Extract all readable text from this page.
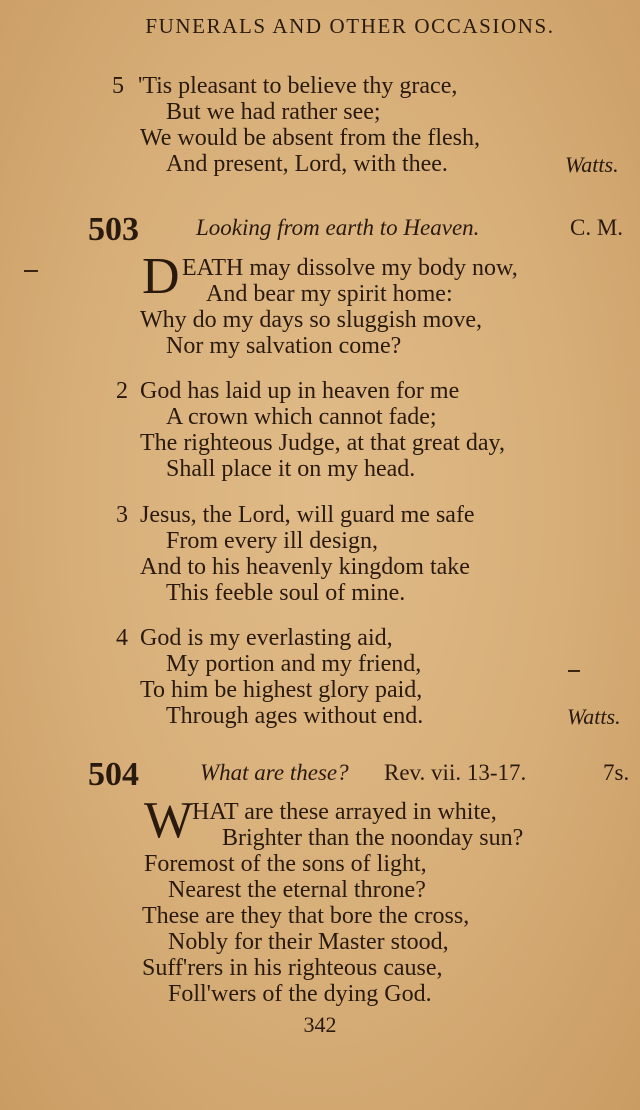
FUNERALS AND OTHER OCCASIONS.
5 'Tis pleasant to believe thy grace,
But we had rather see;
We would be absent from the flesh,
And present, Lord, with thee.	Watts.
503 Looking from earth to Heaven.	C. M.
D EATH may dissolve my body now,
And bear my spirit home:
Why do my days so sluggish move,
Nor my salvation come?
2 God has laid up in heaven for me
A crown which cannot fade;
The righteous Judge, at that great day,
Shall place it on my head.
3 Jesus, the Lord, will guard me safe
From every ill design,
And to his heavenly kingdom take
This feeble soul of mine.
4 God is my everlasting aid,
My portion and my friend,
To him be highest glory paid,
Through ages without end.	Watts.
504	What are these? Rev. vii. 13-17.	7s.
W
HAT are these arrayed in white,
Brighter than the noonday sun?
Foremost of the sons of light,
Nearest the eternal throne?
These are they that bore the cross,
Nobly for their Master stood,
Suff'rers in his righteous cause,
Foll'wers of the dying God.
342
